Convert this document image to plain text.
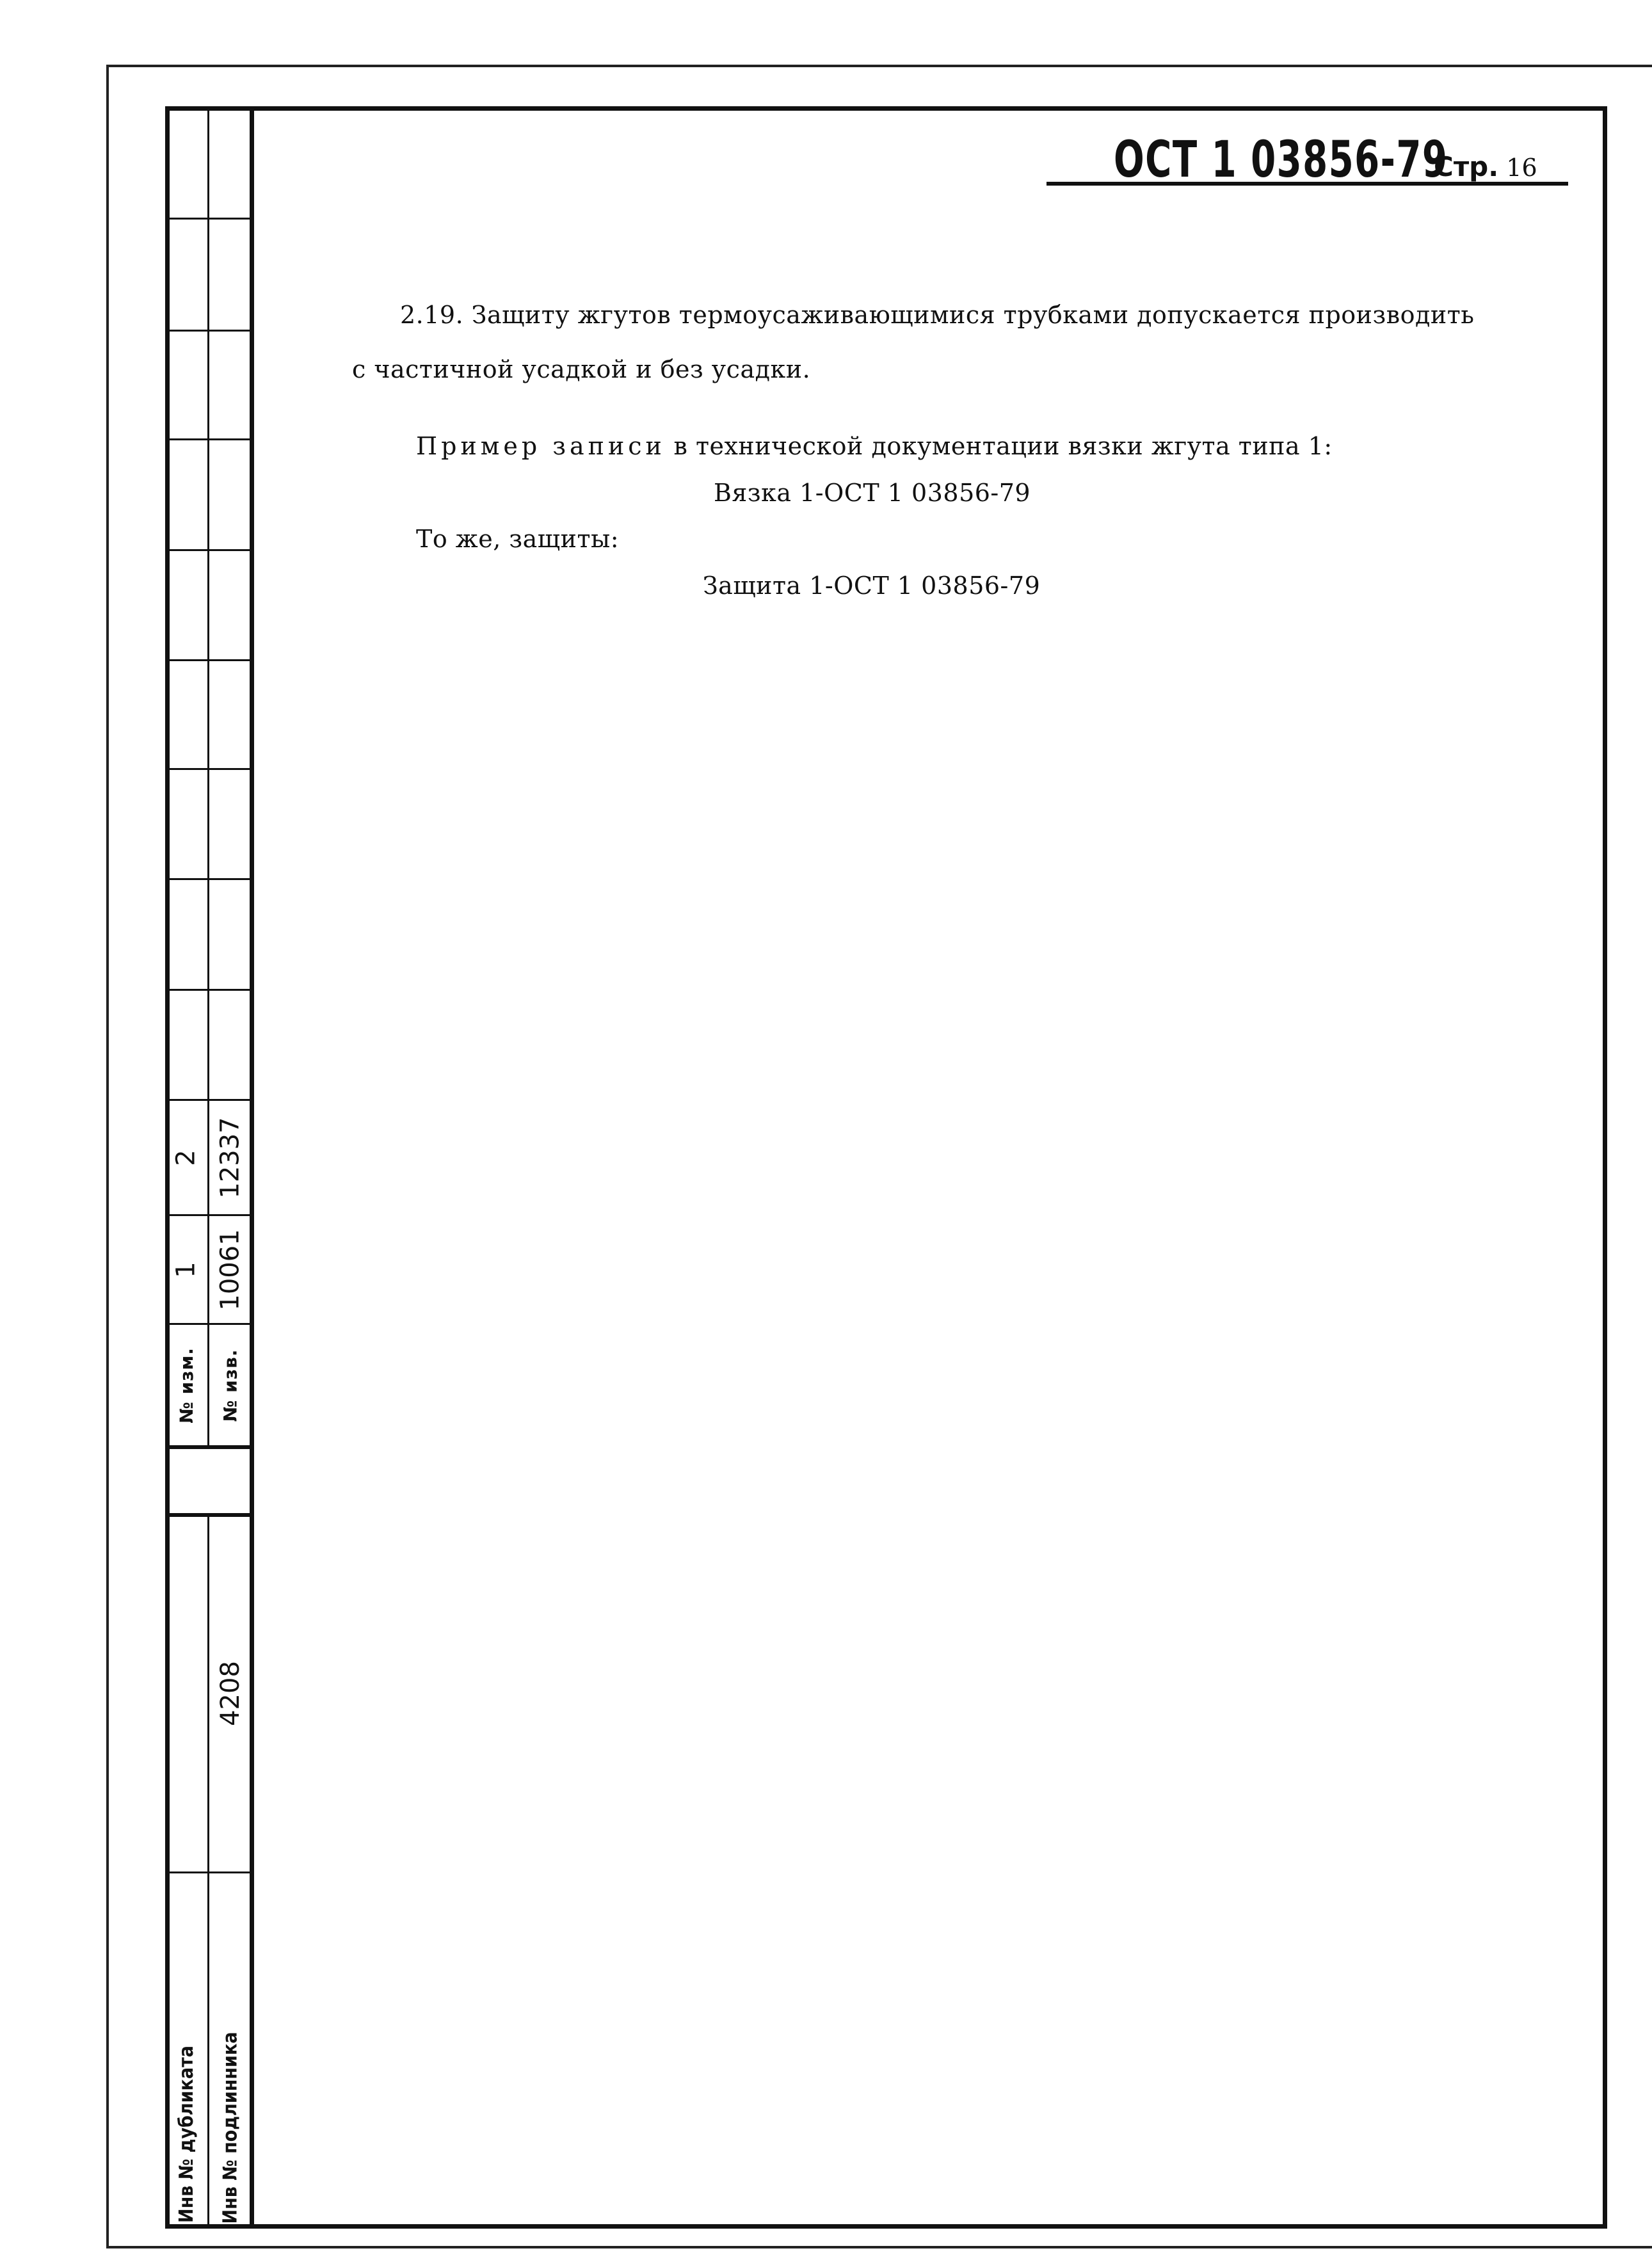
2 12337
1 10061
№ изм. № изв.
4208
Инв № дубликата Инв № подлинника
ОСТ 1 03856-79
Стр. 16
2.19. Защиту жгутов термоусаживающимися трубками допускается производить
с частичной усадкой и без усадки.
Пример записи в технической документации вязки жгута типа 1:
Вязка 1-ОСТ 1 03856-79
То же, защиты:
Защита 1-ОСТ 1 03856-79
